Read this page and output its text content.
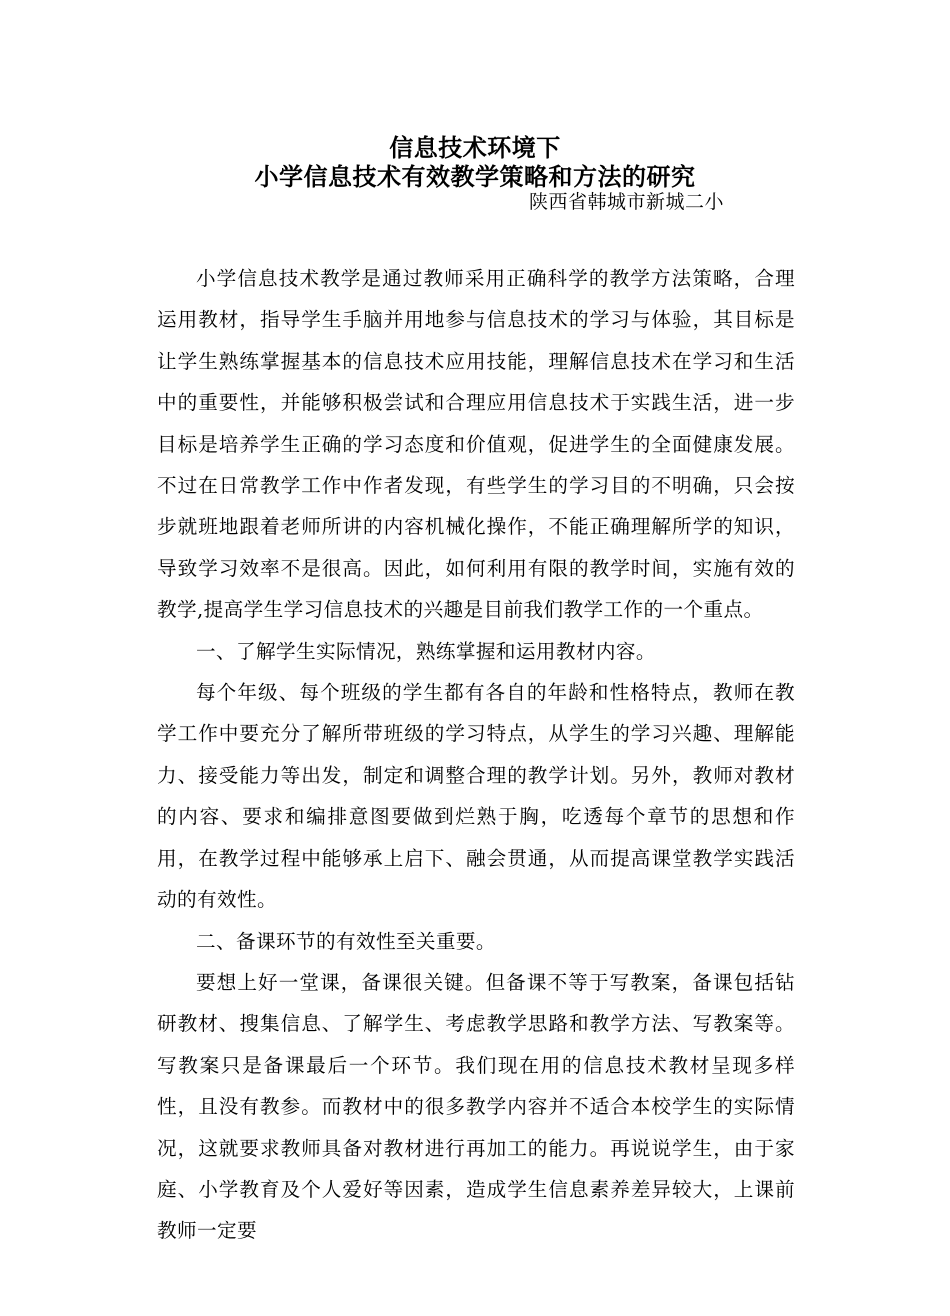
信息技术环境下
小学信息技术有效教学策略和方法的研究
陕西省韩城市新城二小

小学信息技术教学是通过教师采用正确科学的教学方法策略，合理运用教材，指导学生手脑并用地参与信息技术的学习与体验，其目标是让学生熟练掌握基本的信息技术应用技能，理解信息技术在学习和生活中的重要性，并能够积极尝试和合理应用信息技术于实践生活，进一步目标是培养学生正确的学习态度和价值观，促进学生的全面健康发展。不过在日常教学工作中作者发现，有些学生的学习目的不明确，只会按步就班地跟着老师所讲的内容机械化操作，不能正确理解所学的知识，导致学习效率不是很高。因此，如何利用有限的教学时间，实施有效的教学,提高学生学习信息技术的兴趣是目前我们教学工作的一个重点。

一、了解学生实际情况，熟练掌握和运用教材内容。

每个年级、每个班级的学生都有各自的年龄和性格特点，教师在教学工作中要充分了解所带班级的学习特点，从学生的学习兴趣、理解能力、接受能力等出发，制定和调整合理的教学计划。另外，教师对教材的内容、要求和编排意图要做到烂熟于胸，吃透每个章节的思想和作用，在教学过程中能够承上启下、融会贯通，从而提高课堂教学实践活动的有效性。

二、备课环节的有效性至关重要。

要想上好一堂课，备课很关键。但备课不等于写教案，备课包括钻研教材、搜集信息、了解学生、考虑教学思路和教学方法、写教案等。写教案只是备课最后一个环节。我们现在用的信息技术教材呈现多样性，且没有教参。而教材中的很多教学内容并不适合本校学生的实际情况，这就要求教师具备对教材进行再加工的能力。再说说学生，由于家庭、小学教育及个人爱好等因素，造成学生信息素养差异较大，上课前教师一定要
